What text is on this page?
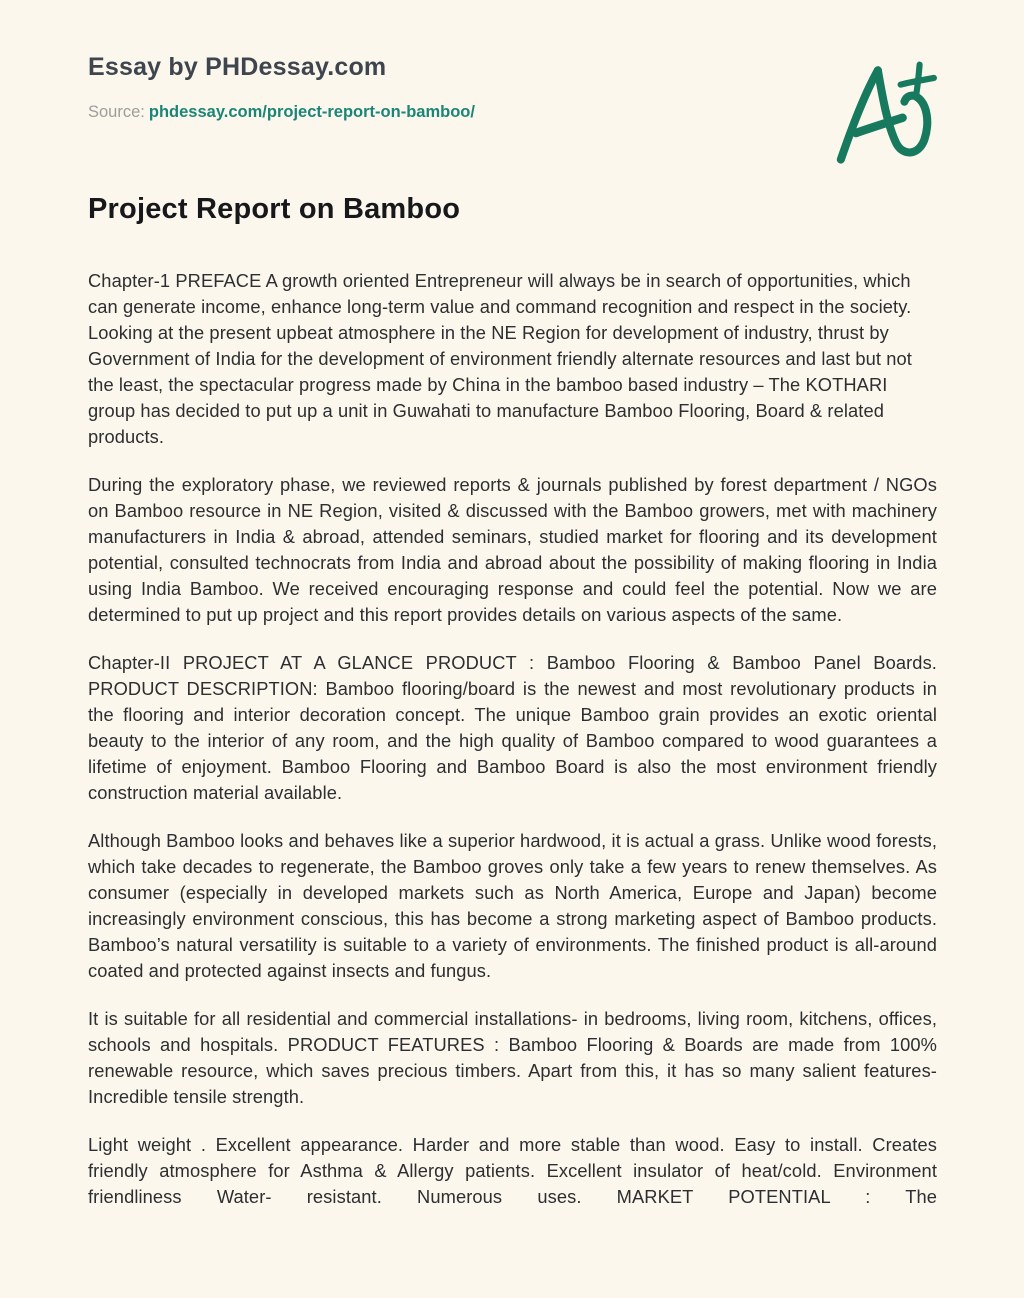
Essay by PHDessay.com
Source: phdessay.com/project-report-on-bamboo/
Project Report on Bamboo

Chapter-1 PREFACE A growth oriented Entrepreneur will always be in search of opportunities, which can generate income, enhance long-term value and command recognition and respect in the society. Looking at the present upbeat atmosphere in the NE Region for development of industry, thrust by Government of India for the development of environment friendly alternate resources and last but not the least, the spectacular progress made by China in the bamboo based industry – The KOTHARI group has decided to put up a unit in Guwahati to manufacture Bamboo Flooring, Board & related products.

During the exploratory phase, we reviewed reports & journals published by forest department / NGOs on Bamboo resource in NE Region, visited & discussed with the Bamboo growers, met with machinery manufacturers in India & abroad, attended seminars, studied market for flooring and its development potential, consulted technocrats from India and abroad about the possibility of making flooring in India using India Bamboo. We received encouraging response and could feel the potential. Now we are determined to put up project and this report provides details on various aspects of the same.

Chapter-II PROJECT AT A GLANCE PRODUCT : Bamboo Flooring & Bamboo Panel Boards. PRODUCT DESCRIPTION: Bamboo flooring/board is the newest and most revolutionary products in the flooring and interior decoration concept. The unique Bamboo grain provides an exotic oriental beauty to the interior of any room, and the high quality of Bamboo compared to wood guarantees a lifetime of enjoyment. Bamboo Flooring and Bamboo Board is also the most environment friendly construction material available.

Although Bamboo looks and behaves like a superior hardwood, it is actual a grass. Unlike wood forests, which take decades to regenerate, the Bamboo groves only take a few years to renew themselves. As consumer (especially in developed markets such as North America, Europe and Japan) become increasingly environment conscious, this has become a strong marketing aspect of Bamboo products. Bamboo’s natural versatility is suitable to a variety of environments. The finished product is all-around coated and protected against insects and fungus.

It is suitable for all residential and commercial installations- in bedrooms, living room, kitchens, offices, schools and hospitals. PRODUCT FEATURES : Bamboo Flooring & Boards are made from 100% renewable resource, which saves precious timbers. Apart from this, it has so many salient features- Incredible tensile strength.

Light weight . Excellent appearance. Harder and more stable than wood. Easy to install. Creates friendly atmosphere for Asthma & Allergy patients. Excellent insulator of heat/cold. Environment friendliness Water- resistant. Numerous uses. MARKET POTENTIAL : The
